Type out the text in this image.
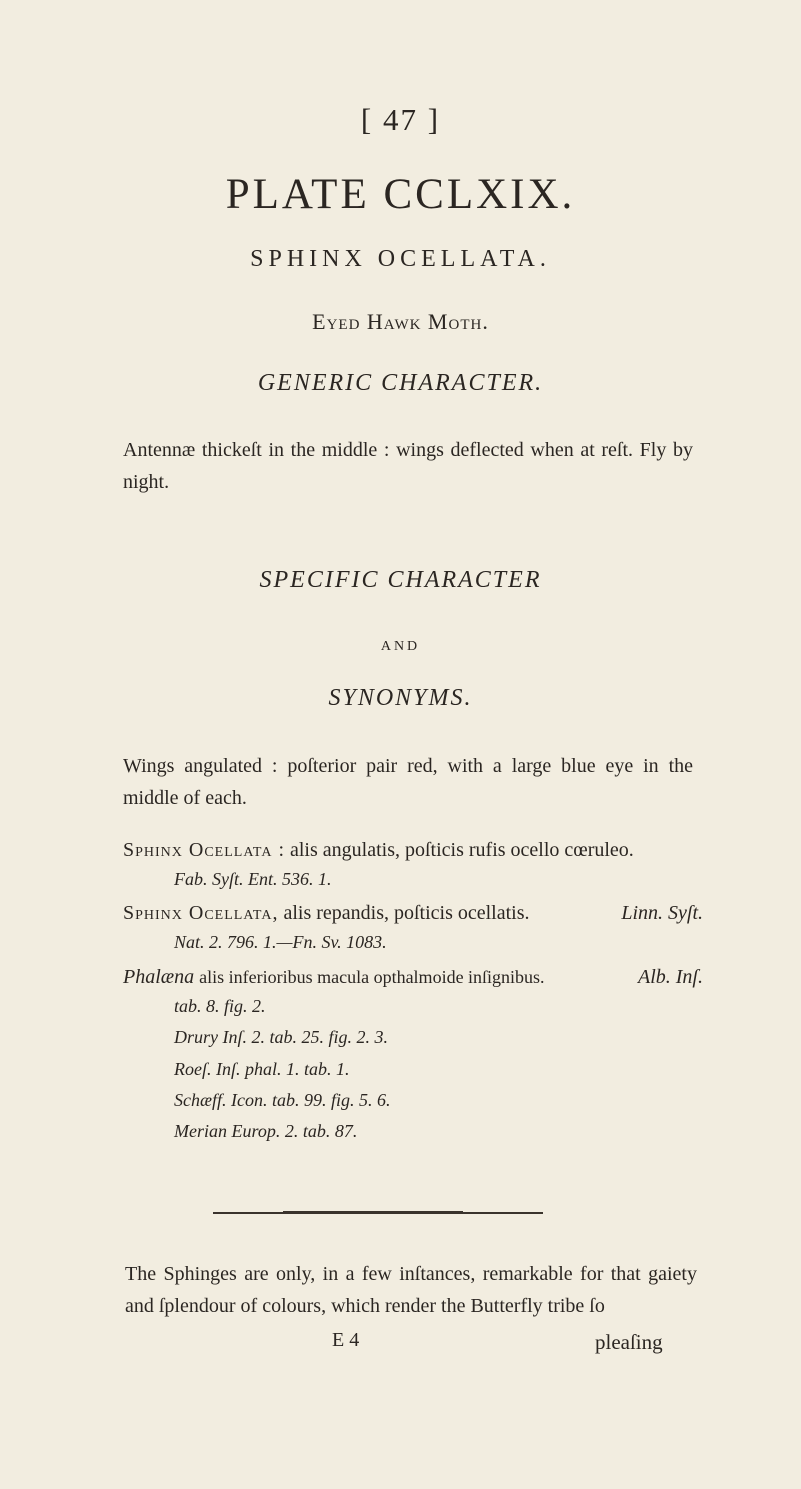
[ 47 ]
PLATE CCLXIX.
SPHINX OCELLATA.
Eyed Hawk Moth.
GENERIC CHARACTER.
Antennæ thickeſt in the middle : wings deflected when at reſt. Fly by night.
SPECIFIC CHARACTER
AND
SYNONYMS.
Wings angulated : poſterior pair red, with a large blue eye in the middle of each.
Sphinx Ocellata : alis angulatis, poſticis rufis ocello cœruleo.
Fab. Syſt. Ent. 536. 1.
Sphinx Ocellata, alis repandis, poſticis ocellatis.	Linn. Syſt.
Nat. 2. 796. 1.—Fn. Sv. 1083.
Phalæna alis inferioribus macula opthalmoide inſignibus.	Alb. Inſ.
tab. 8. fig. 2.
Drury Inſ. 2. tab. 25. fig. 2. 3.
Roeſ. Inſ. phal. 1. tab. 1.
Schæff. Icon. tab. 99. fig. 5. 6.
Merian Europ. 2. tab. 87.
The Sphinges are only, in a few inſtances, remarkable for that gaiety and ſplendour of colours, which render the Butterfly tribe ſo
E 4	pleaſing
